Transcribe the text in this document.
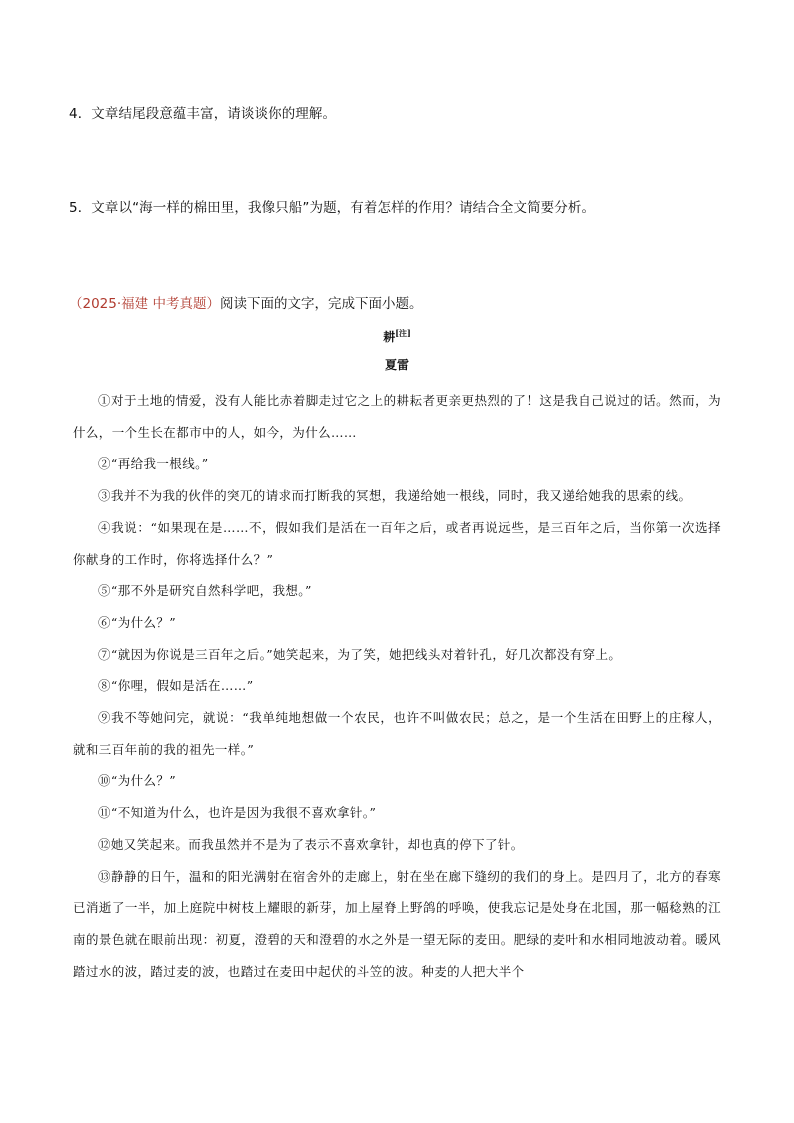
4．文章结尾段意蕴丰富，请谈谈你的理解。
5．文章以“海一样的棉田里，我像只船”为题，有着怎样的作用？请结合全文简要分析。
（2025·福建 中考真题）阅读下面的文字，完成下面小题。
耕[注]
夏雷

①对于土地的情爱，没有人能比赤着脚走过它之上的耕耘者更亲更热烈的了！这是我自己说过的话。然而，为什么，一个生长在都市中的人，如今，为什么……

②“再给我一根线。”

③我并不为我的伙伴的突兀的请求而打断我的冥想，我递给她一根线，同时，我又递给她我的思索的线。

④我说：“如果现在是……不，假如我们是活在一百年之后，或者再说远些，是三百年之后，当你第一次选择你献身的工作时，你将选择什么？”

⑤“那不外是研究自然科学吧，我想。”

⑥“为什么？”

⑦“就因为你说是三百年之后。”她笑起来，为了笑，她把线头对着针孔，好几次都没有穿上。

⑧“你哩，假如是活在……”

⑨我不等她问完，就说：“我单纯地想做一个农民，也许不叫做农民；总之，是一个生活在田野上的庄稼人，就和三百年前的我的祖先一样。”

⑩“为什么？”

⑪“不知道为什么，也许是因为我很不喜欢拿针。”

⑫她又笑起来。而我虽然并不是为了表示不喜欢拿针，却也真的停下了针。

⑬静静的日午，温和的阳光满射在宿舍外的走廊上，射在坐在廊下缝纫的我们的身上。是四月了，北方的春寒已消逝了一半，加上庭院中树枝上耀眼的新芽，加上屋脊上野鸽的呼唤，使我忘记是处身在北国，那一幅稔熟的江南的景色就在眼前出现：初夏，澄碧的天和澄碧的水之外是一望无际的麦田。肥绿的麦叶和水相同地波动着。暖风踏过水的波，踏过麦的波，也踏过在麦田中起伏的斗笠的波。种麦的人把大半个
